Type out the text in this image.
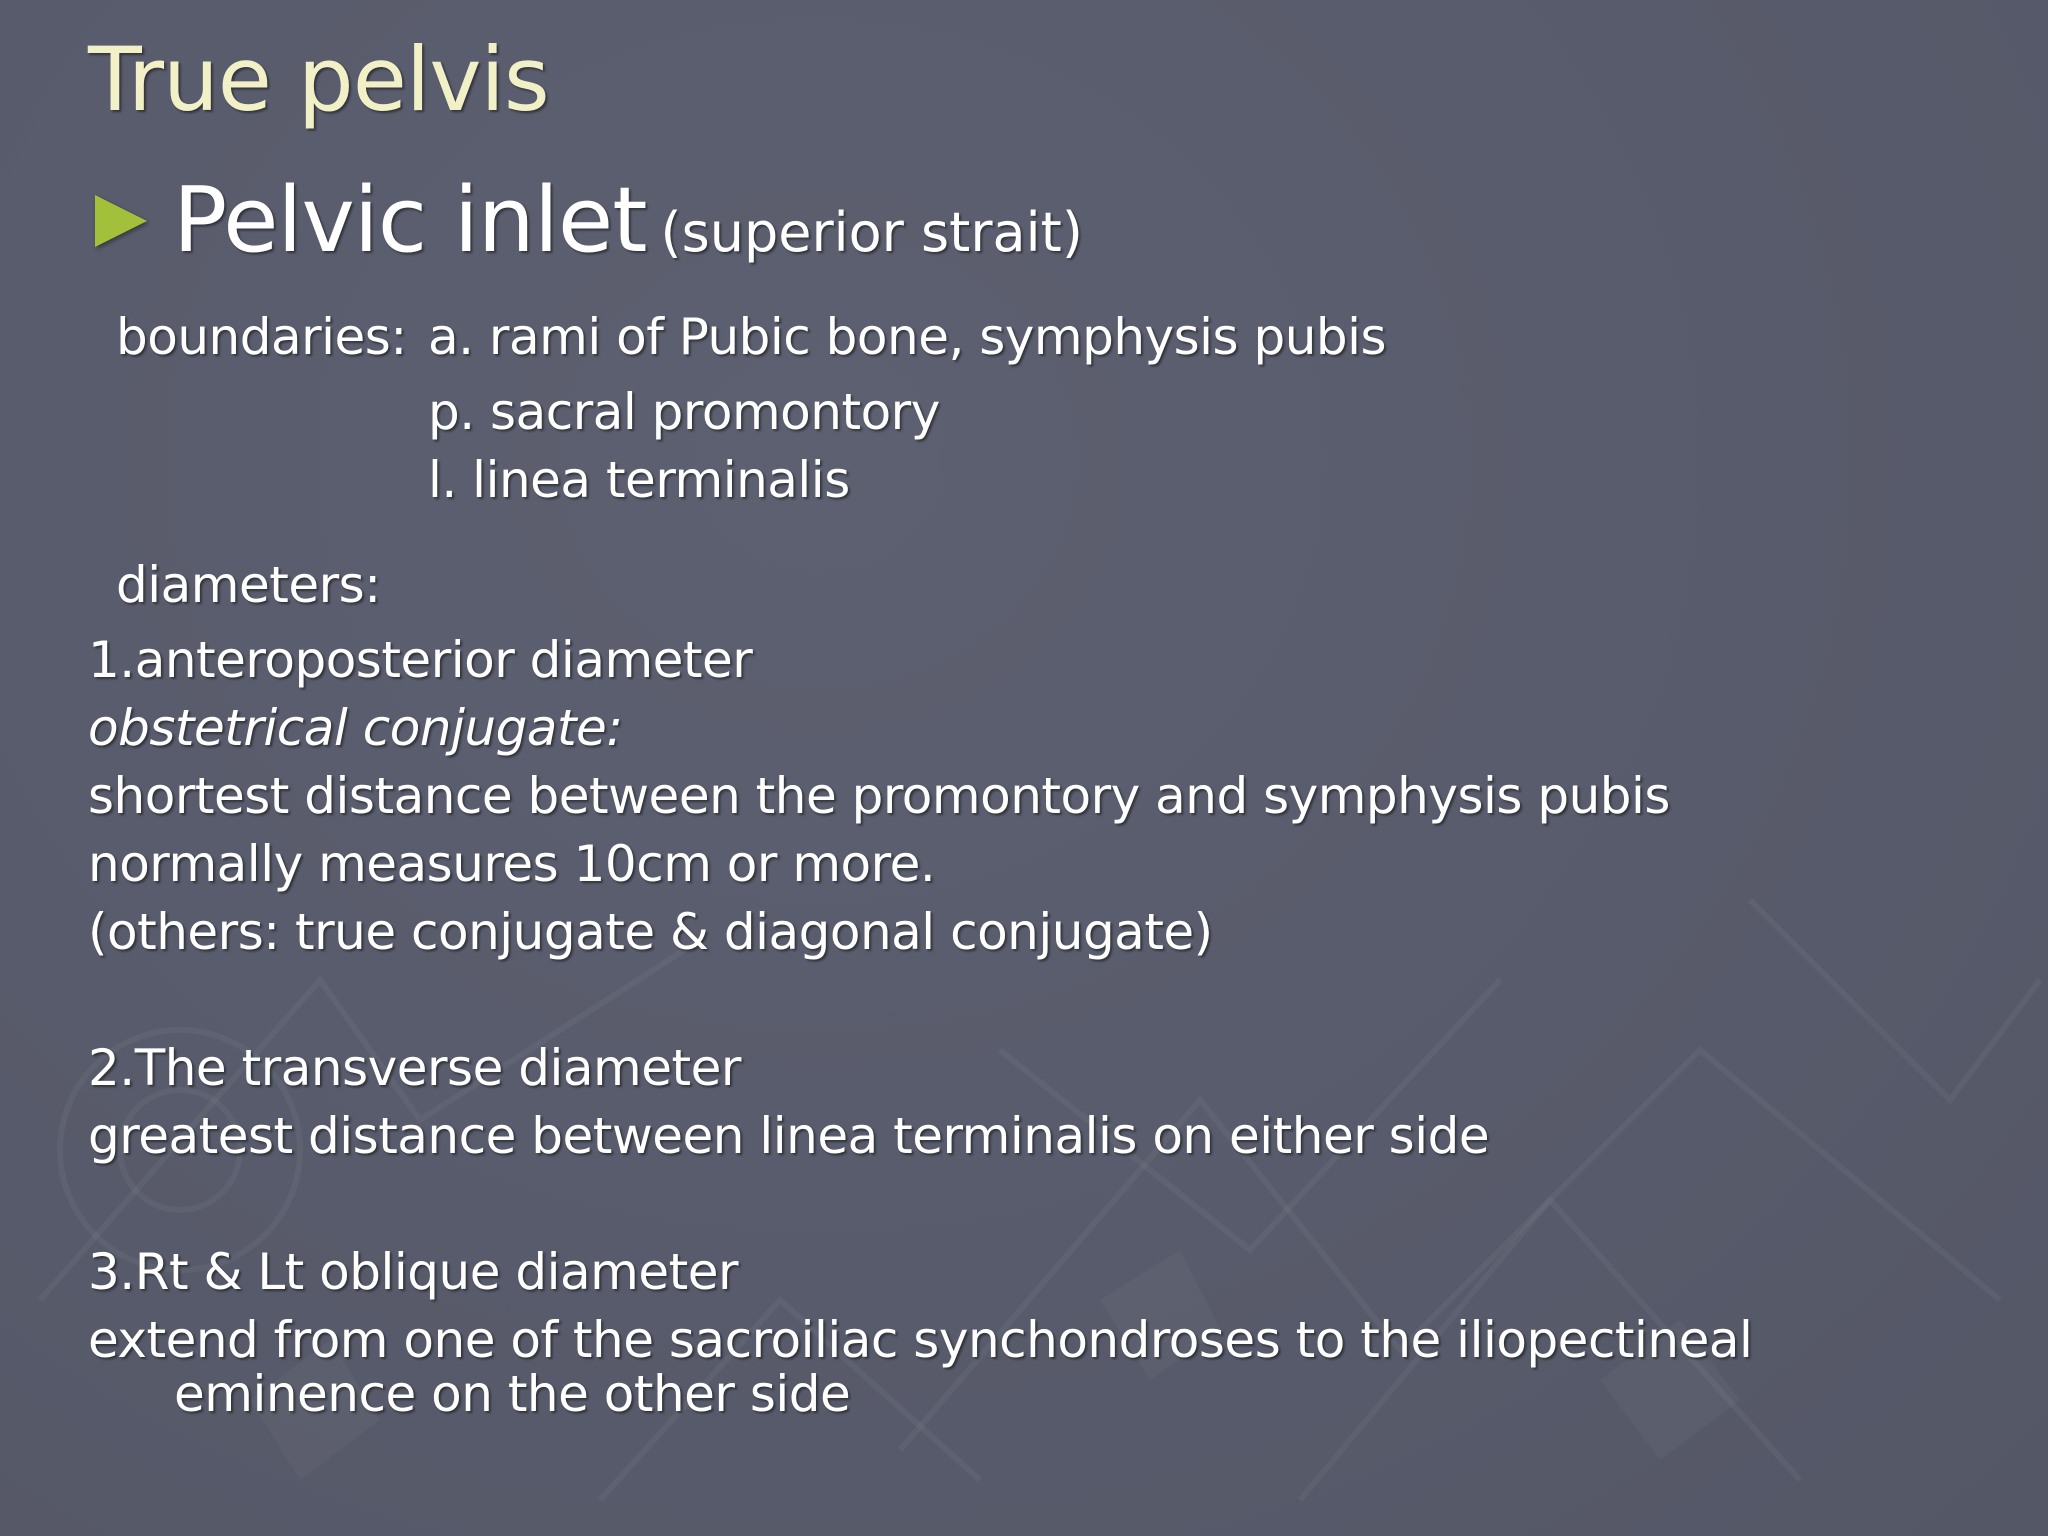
True pelvis
Pelvic inlet (superior strait)
boundaries: a. rami of Pubic bone, symphysis pubis
p. sacral promontory
l. linea terminalis
diameters:
1.anteroposterior diameter
obstetrical conjugate:
shortest distance between the promontory and symphysis pubis
normally measures 10cm or more.
(others: true conjugate & diagonal conjugate)
2.The transverse diameter
greatest distance between linea terminalis on either side
3.Rt & Lt oblique diameter
extend from one of the sacroiliac synchondroses to the iliopectineal
eminence on the other side
